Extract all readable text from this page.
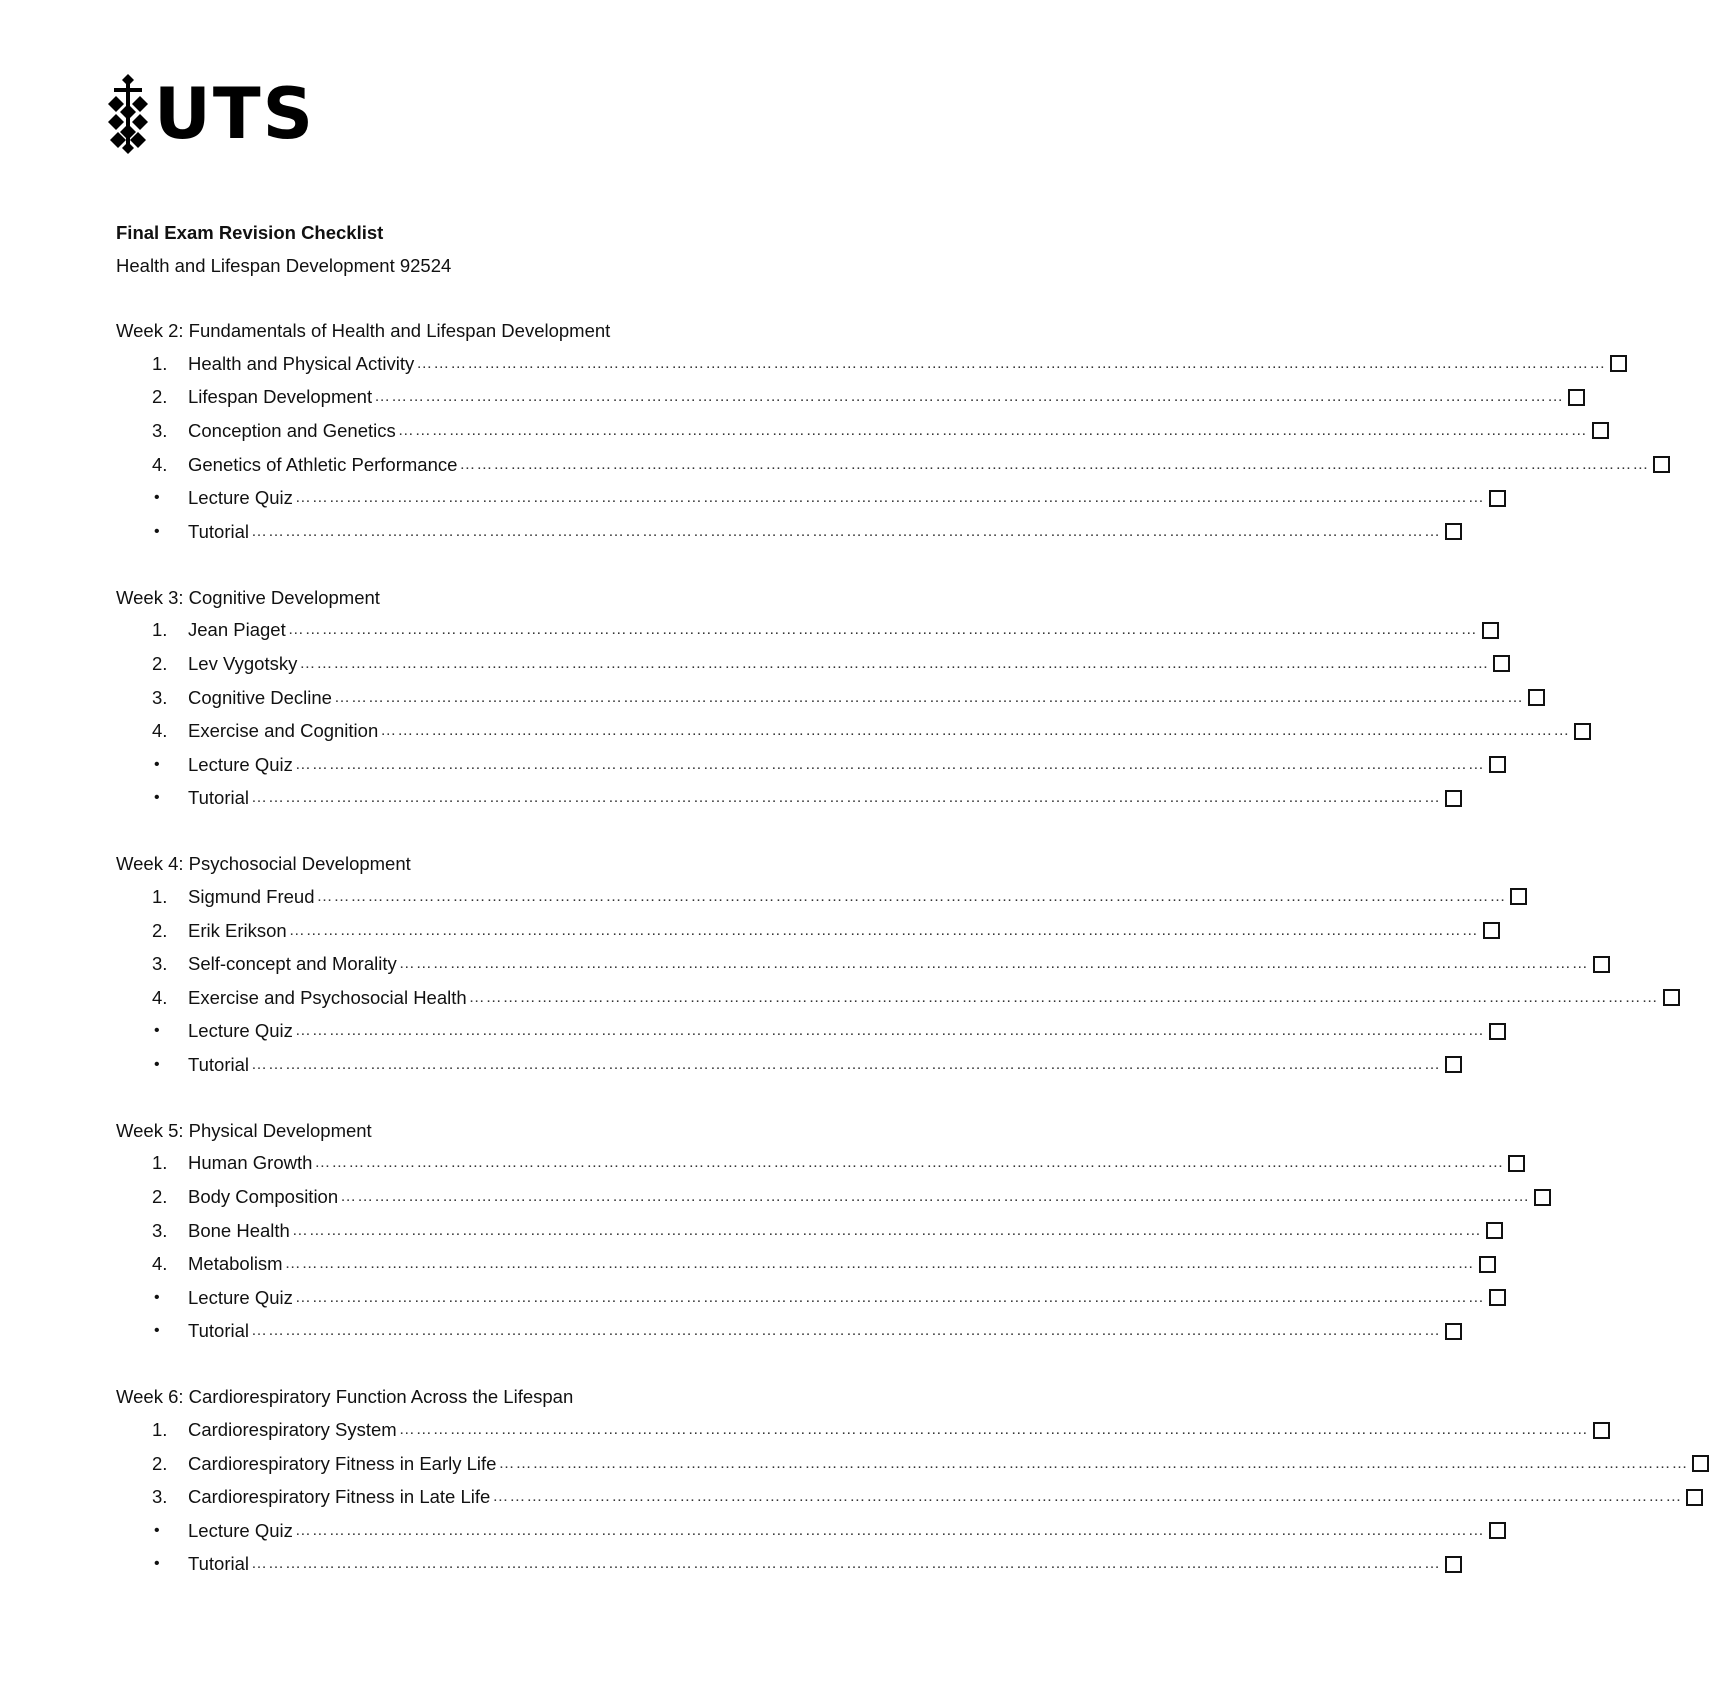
UTS
Final Exam Revision Checklist
Health and Lifespan Development 92524
Week 2: Fundamentals of Health and Lifespan Development
1.	Health and Physical Activity …………………………………………………………………………………………………………………………………………………………………………………………
2.	Lifespan Development …………………………………………………………………………………………………………………………………………………………………………………………
3.	Conception and Genetics …………………………………………………………………………………………………………………………………………………………………………………………
4.	Genetics of Athletic Performance …………………………………………………………………………………………………………………………………………………………………………………………
•	Lecture Quiz …………………………………………………………………………………………………………………………………………………………………………………………
•	Tutorial …………………………………………………………………………………………………………………………………………………………………………………………
Week 3: Cognitive Development
1.	Jean Piaget …………………………………………………………………………………………………………………………………………………………………………………………
2.	Lev Vygotsky …………………………………………………………………………………………………………………………………………………………………………………………
3.	Cognitive Decline …………………………………………………………………………………………………………………………………………………………………………………………
4.	Exercise and Cognition …………………………………………………………………………………………………………………………………………………………………………………………
•	Lecture Quiz …………………………………………………………………………………………………………………………………………………………………………………………
•	Tutorial …………………………………………………………………………………………………………………………………………………………………………………………
Week 4: Psychosocial Development
1.	Sigmund Freud …………………………………………………………………………………………………………………………………………………………………………………………
2.	Erik Erikson …………………………………………………………………………………………………………………………………………………………………………………………
3.	Self-concept and Morality …………………………………………………………………………………………………………………………………………………………………………………………
4.	Exercise and Psychosocial Health …………………………………………………………………………………………………………………………………………………………………………………………
•	Lecture Quiz …………………………………………………………………………………………………………………………………………………………………………………………
•	Tutorial …………………………………………………………………………………………………………………………………………………………………………………………
Week 5: Physical Development
1.	Human Growth …………………………………………………………………………………………………………………………………………………………………………………………
2.	Body Composition …………………………………………………………………………………………………………………………………………………………………………………………
3.	Bone Health …………………………………………………………………………………………………………………………………………………………………………………………
4.	Metabolism …………………………………………………………………………………………………………………………………………………………………………………………
•	Lecture Quiz …………………………………………………………………………………………………………………………………………………………………………………………
•	Tutorial …………………………………………………………………………………………………………………………………………………………………………………………
Week 6: Cardiorespiratory Function Across the Lifespan
1.	Cardiorespiratory System …………………………………………………………………………………………………………………………………………………………………………………………
2.	Cardiorespiratory Fitness in Early Life …………………………………………………………………………………………………………………………………………………………………………………………
3.	Cardiorespiratory Fitness in Late Life …………………………………………………………………………………………………………………………………………………………………………………………
•	Lecture Quiz …………………………………………………………………………………………………………………………………………………………………………………………
•	Tutorial …………………………………………………………………………………………………………………………………………………………………………………………
